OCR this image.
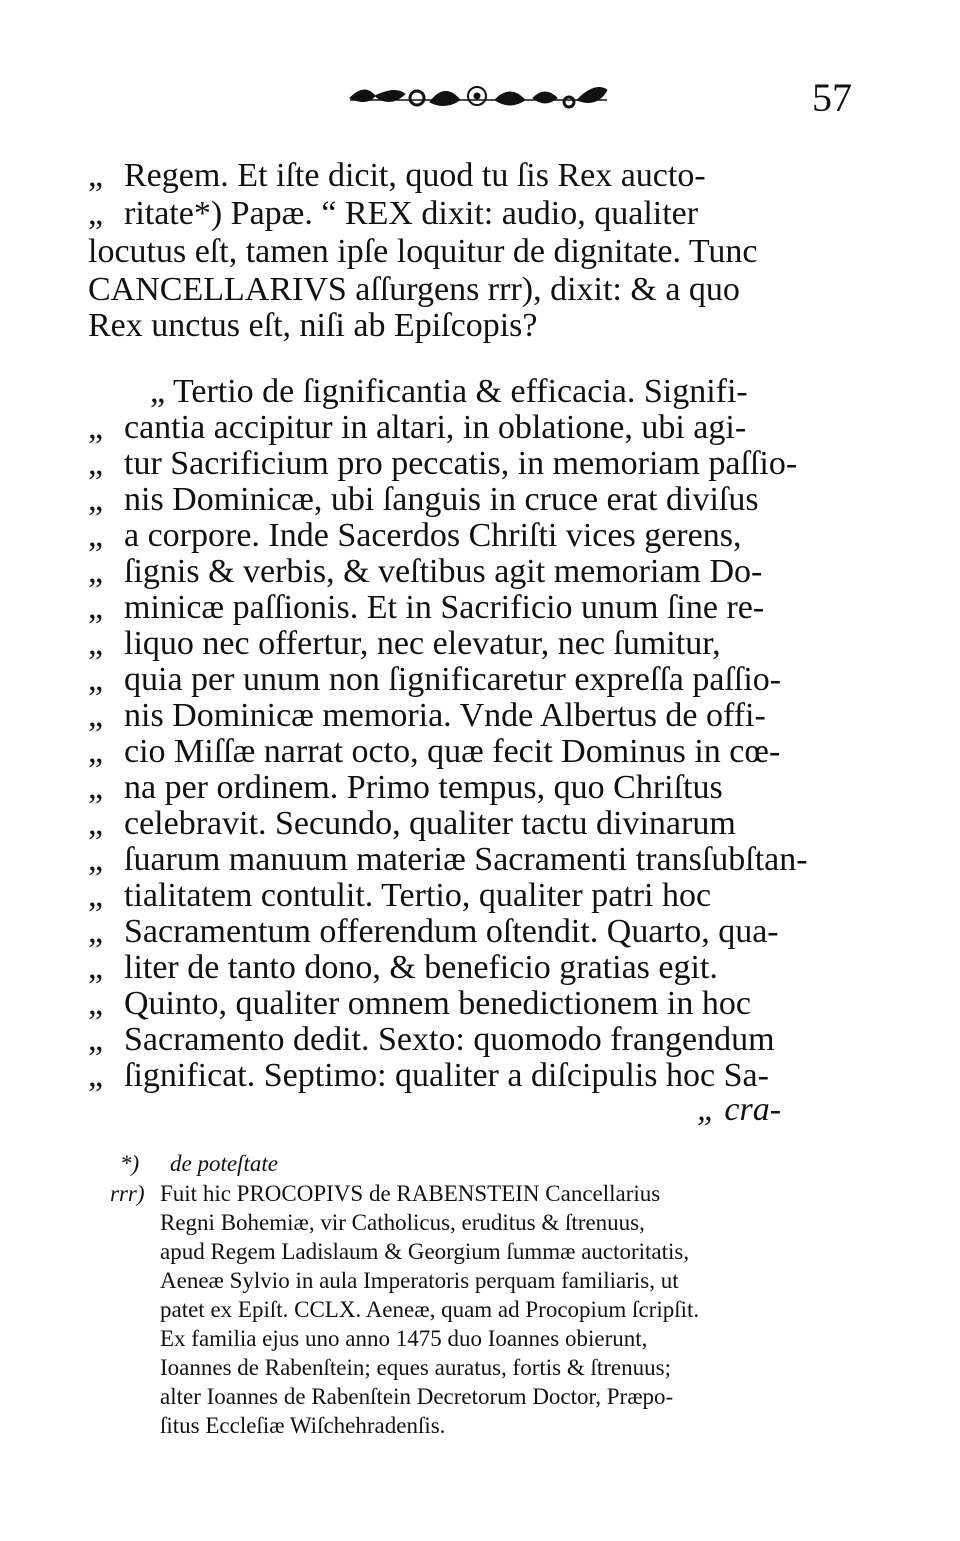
57
„ Regem. Et iſte dicit, quod tu ſis Rex aucto-
„ ritate*) Papæ. “ REX dixit: audio, qualiter
locutus eſt, tamen ipſe loquitur de dignitate. Tunc
CANCELLARIVS aſſurgens rrr), dixit: & a quo
Rex unctus eſt, niſi ab Epiſcopis?
„ Tertio de ſignificantia & efficacia. Signifi-
„ cantia accipitur in altari, in oblatione, ubi agi-
„ tur Sacrificium pro peccatis, in memoriam paſſio-
„ nis Dominicæ, ubi ſanguis in cruce erat diviſus
„ a corpore. Inde Sacerdos Chriſti vices gerens,
„ ſignis & verbis, & veſtibus agit memoriam Do-
„ minicæ paſſionis. Et in Sacrificio unum ſine re-
„ liquo nec offertur, nec elevatur, nec ſumitur,
„ quia per unum non ſignificaretur expreſſa paſſio-
„ nis Dominicæ memoria. Vnde Albertus de offi-
„ cio Miſſæ narrat octo, quæ fecit Dominus in cœ-
„ na per ordinem. Primo tempus, quo Chriſtus
„ celebravit. Secundo, qualiter tactu divinarum
„ ſuarum manuum materiæ Sacramenti transſubſtan-
„ tialitatem contulit. Tertio, qualiter patri hoc
„ Sacramentum offerendum oſtendit. Quarto, qua-
„ liter de tanto dono, & beneficio gratias egit.
„ Quinto, qualiter omnem benedictionem in hoc
„ Sacramento dedit. Sexto: quomodo frangendum
„ ſignificat. Septimo: qualiter a diſcipulis hoc Sa-
„ cra-
*) de poteſtate
rrr) Fuit hic PROCOPIVS de RABENSTEIN Cancellarius
Regni Bohemiæ, vir Catholicus, eruditus & ſtrenuus,
apud Regem Ladislaum & Georgium ſummæ auctoritatis,
Aeneæ Sylvio in aula Imperatoris perquam familiaris, ut
patet ex Epiſt. CCLX. Aeneæ, quam ad Procopium ſcripſit.
Ex familia ejus uno anno 1475 duo Ioannes obierunt,
Ioannes de Rabenſtein; eques auratus, fortis & ſtrenuus;
alter Ioannes de Rabenſtein Decretorum Doctor, Præpo-
ſitus Eccleſiæ Wiſchehradenſis.
